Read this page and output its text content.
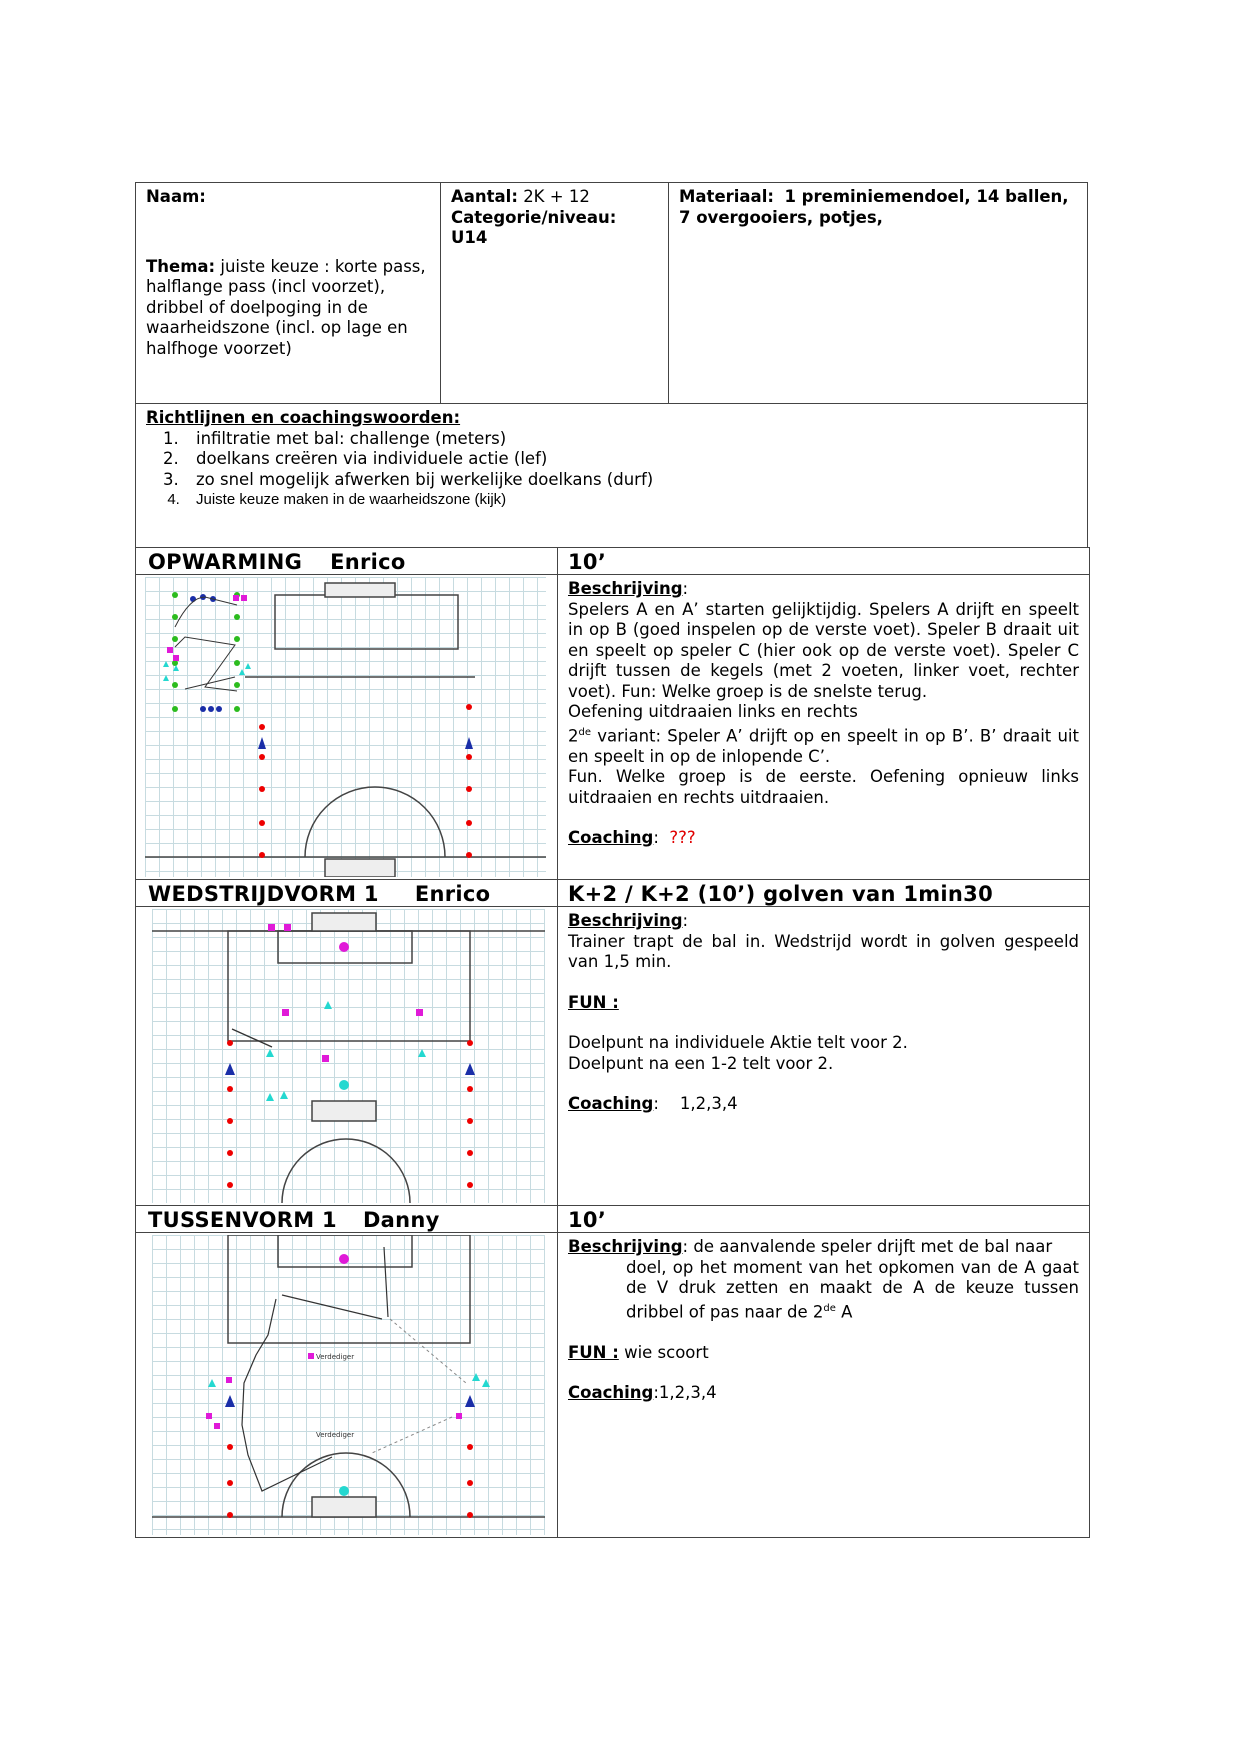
Naam:
Thema: juiste keuze : korte pass, halflange pass (incl voorzet), dribbel of doelpoging in de waarheidszone (incl. op lage en halfhoge voorzet)
Aantal: 2K + 12
Categorie/niveau:
U14
Materiaal: 1 preminiemendoel, 14 ballen, 7 overgooiers, potjes,
Richtlijnen en coachingswoorden:
1. infiltratie met bal: challenge (meters)
2. doelkans creëren via individuele actie (lef)
3. zo snel mogelijk afwerken bij werkelijke doelkans (durf)
4. Juiste keuze maken in de waarheidszone (kijk)
OPWARMING Enrico	10’
Beschrijving:
Spelers A en A’ starten gelijktijdig. Spelers A drijft en speelt in op B (goed inspelen op de verste voet). Speler B draait uit en speelt op speler C (hier ook op de verste voet). Speler C drijft tussen de kegels (met 2 voeten, linker voet, rechter voet). Fun: Welke groep is de snelste terug.
Oefening uitdraaien links en rechts
2de variant: Speler A’ drijft op en speelt in op B’. B’ draait uit en speelt in op de inlopende C’.
Fun. Welke groep is de eerste. Oefening opnieuw links uitdraaien en rechts uitdraaien.
Coaching:  ???
WEDSTRIJDVORM 1 Enrico	K+2 / K+2 (10’) golven van 1min30
Beschrijving:
Trainer trapt de bal in. Wedstrijd wordt in golven gespeeld van 1,5 min.
FUN :
Doelpunt na individuele Aktie telt voor 2.
Doelpunt na een 1-2 telt voor 2.
Coaching:    1,2,3,4
TUSSENVORM 1 Danny	10’
Verdediger
Verdediger
Beschrijving: de aanvalende speler drijft met de bal naar
doel, op het moment van het opkomen van de A gaat de V druk zetten en maakt de A de keuze tussen dribbel of pas naar de 2de A
FUN : wie scoort
Coaching:1,2,3,4
